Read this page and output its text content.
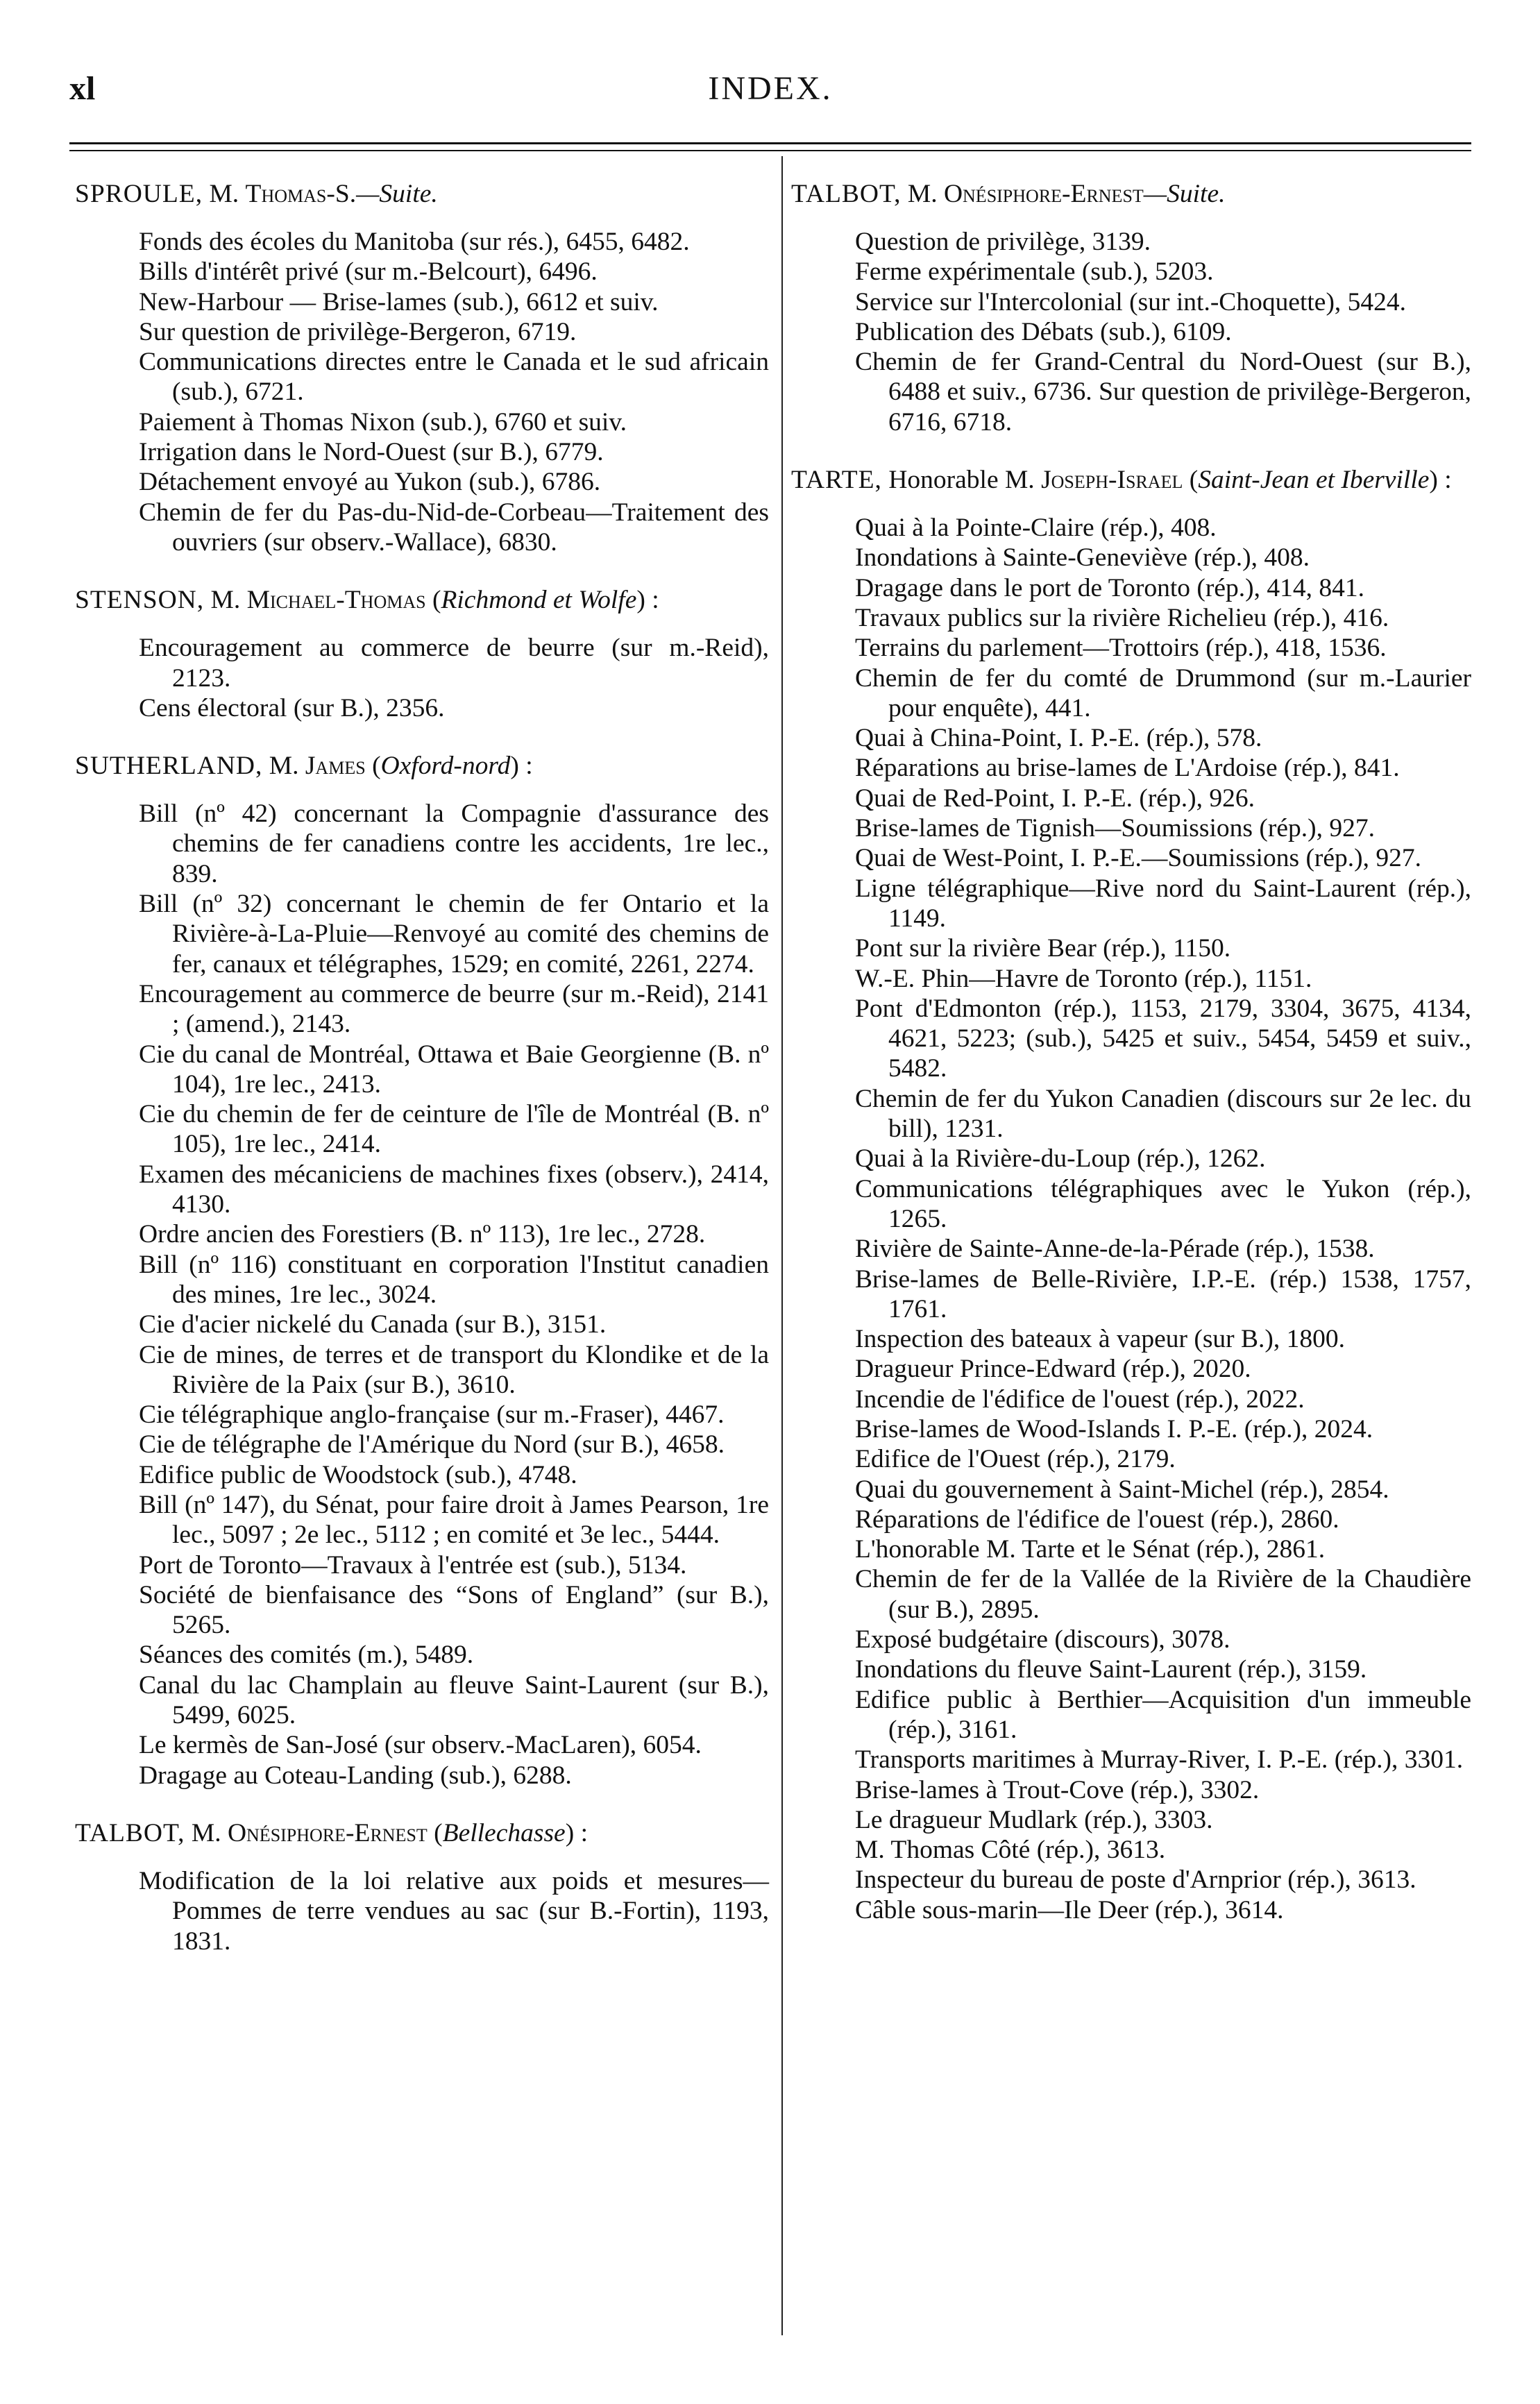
xl	INDEX.
SPROULE, M. Thomas-S.—Suite.
Fonds des écoles du Manitoba (sur rés.), 6455, 6482.
Bills d'intérêt privé (sur m.-Belcourt), 6496.
New-Harbour — Brise-lames (sub.), 6612 et suiv.
Sur question de privilège-Bergeron, 6719.
Communications directes entre le Canada et le sud africain (sub.), 6721.
Paiement à Thomas Nixon (sub.), 6760 et suiv.
Irrigation dans le Nord-Ouest (sur B.), 6779.
Détachement envoyé au Yukon (sub.), 6786.
Chemin de fer du Pas-du-Nid-de-Corbeau—Traitement des ouvriers (sur observ.-Wallace), 6830.
STENSON, M. Michael-Thomas (Richmond et Wolfe) :
Encouragement au commerce de beurre (sur m.-Reid), 2123.
Cens électoral (sur B.), 2356.
SUTHERLAND, M. James (Oxford-nord) :
Bill (nº 42) concernant la Compagnie d'assurance des chemins de fer canadiens contre les accidents, 1re lec., 839.
Bill (nº 32) concernant le chemin de fer Ontario et la Rivière-à-La-Pluie—Renvoyé au comité des chemins de fer, canaux et télégraphes, 1529; en comité, 2261, 2274.
Encouragement au commerce de beurre (sur m.-Reid), 2141 ; (amend.), 2143.
Cie du canal de Montréal, Ottawa et Baie Georgienne (B. nº 104), 1re lec., 2413.
Cie du chemin de fer de ceinture de l'île de Montréal (B. nº 105), 1re lec., 2414.
Examen des mécaniciens de machines fixes (observ.), 2414, 4130.
Ordre ancien des Forestiers (B. nº 113), 1re lec., 2728.
Bill (nº 116) constituant en corporation l'Institut canadien des mines, 1re lec., 3024.
Cie d'acier nickelé du Canada (sur B.), 3151.
Cie de mines, de terres et de transport du Klondike et de la Rivière de la Paix (sur B.), 3610.
Cie télégraphique anglo-française (sur m.-Fraser), 4467.
Cie de télégraphe de l'Amérique du Nord (sur B.), 4658.
Edifice public de Woodstock (sub.), 4748.
Bill (nº 147), du Sénat, pour faire droit à James Pearson, 1re lec., 5097 ; 2e lec., 5112 ; en comité et 3e lec., 5444.
Port de Toronto—Travaux à l'entrée est (sub.), 5134.
Société de bienfaisance des “Sons of England” (sur B.), 5265.
Séances des comités (m.), 5489.
Canal du lac Champlain au fleuve Saint-Laurent (sur B.), 5499, 6025.
Le kermès de San-José (sur observ.-MacLaren), 6054.
Dragage au Coteau-Landing (sub.), 6288.
TALBOT, M. Onésiphore-Ernest (Bellechasse) :
Modification de la loi relative aux poids et mesures—Pommes de terre vendues au sac (sur B.-Fortin), 1193, 1831.
TALBOT, M. Onésiphore-Ernest—Suite.
Question de privilège, 3139.
Ferme expérimentale (sub.), 5203.
Service sur l'Intercolonial (sur int.-Choquette), 5424.
Publication des Débats (sub.), 6109.
Chemin de fer Grand-Central du Nord-Ouest (sur B.), 6488 et suiv., 6736. Sur question de privilège-Bergeron, 6716, 6718.
TARTE, Honorable M. Joseph-Israel (Saint-Jean et Iberville) :
Quai à la Pointe-Claire (rép.), 408.
Inondations à Sainte-Geneviève (rép.), 408.
Dragage dans le port de Toronto (rép.), 414, 841.
Travaux publics sur la rivière Richelieu (rép.), 416.
Terrains du parlement—Trottoirs (rép.), 418, 1536.
Chemin de fer du comté de Drummond (sur m.-Laurier pour enquête), 441.
Quai à China-Point, I. P.-E. (rép.), 578.
Réparations au brise-lames de L'Ardoise (rép.), 841.
Quai de Red-Point, I. P.-E. (rép.), 926.
Brise-lames de Tignish—Soumissions (rép.), 927.
Quai de West-Point, I. P.-E.—Soumissions (rép.), 927.
Ligne télégraphique—Rive nord du Saint-Laurent (rép.), 1149.
Pont sur la rivière Bear (rép.), 1150.
W.-E. Phin—Havre de Toronto (rép.), 1151.
Pont d'Edmonton (rép.), 1153, 2179, 3304, 3675, 4134, 4621, 5223; (sub.), 5425 et suiv., 5454, 5459 et suiv., 5482.
Chemin de fer du Yukon Canadien (discours sur 2e lec. du bill), 1231.
Quai à la Rivière-du-Loup (rép.), 1262.
Communications télégraphiques avec le Yukon (rép.), 1265.
Rivière de Sainte-Anne-de-la-Pérade (rép.), 1538.
Brise-lames de Belle-Rivière, I.P.-E. (rép.) 1538, 1757, 1761.
Inspection des bateaux à vapeur (sur B.), 1800.
Dragueur Prince-Edward (rép.), 2020.
Incendie de l'édifice de l'ouest (rép.), 2022.
Brise-lames de Wood-Islands I. P.-E. (rép.), 2024.
Edifice de l'Ouest (rép.), 2179.
Quai du gouvernement à Saint-Michel (rép.), 2854.
Réparations de l'édifice de l'ouest (rép.), 2860.
L'honorable M. Tarte et le Sénat (rép.), 2861.
Chemin de fer de la Vallée de la Rivière de la Chaudière (sur B.), 2895.
Exposé budgétaire (discours), 3078.
Inondations du fleuve Saint-Laurent (rép.), 3159.
Edifice public à Berthier—Acquisition d'un immeuble (rép.), 3161.
Transports maritimes à Murray-River, I. P.-E. (rép.), 3301.
Brise-lames à Trout-Cove (rép.), 3302.
Le dragueur Mudlark (rép.), 3303.
M. Thomas Côté (rép.), 3613.
Inspecteur du bureau de poste d'Arnprior (rép.), 3613.
Câble sous-marin—Ile Deer (rép.), 3614.
